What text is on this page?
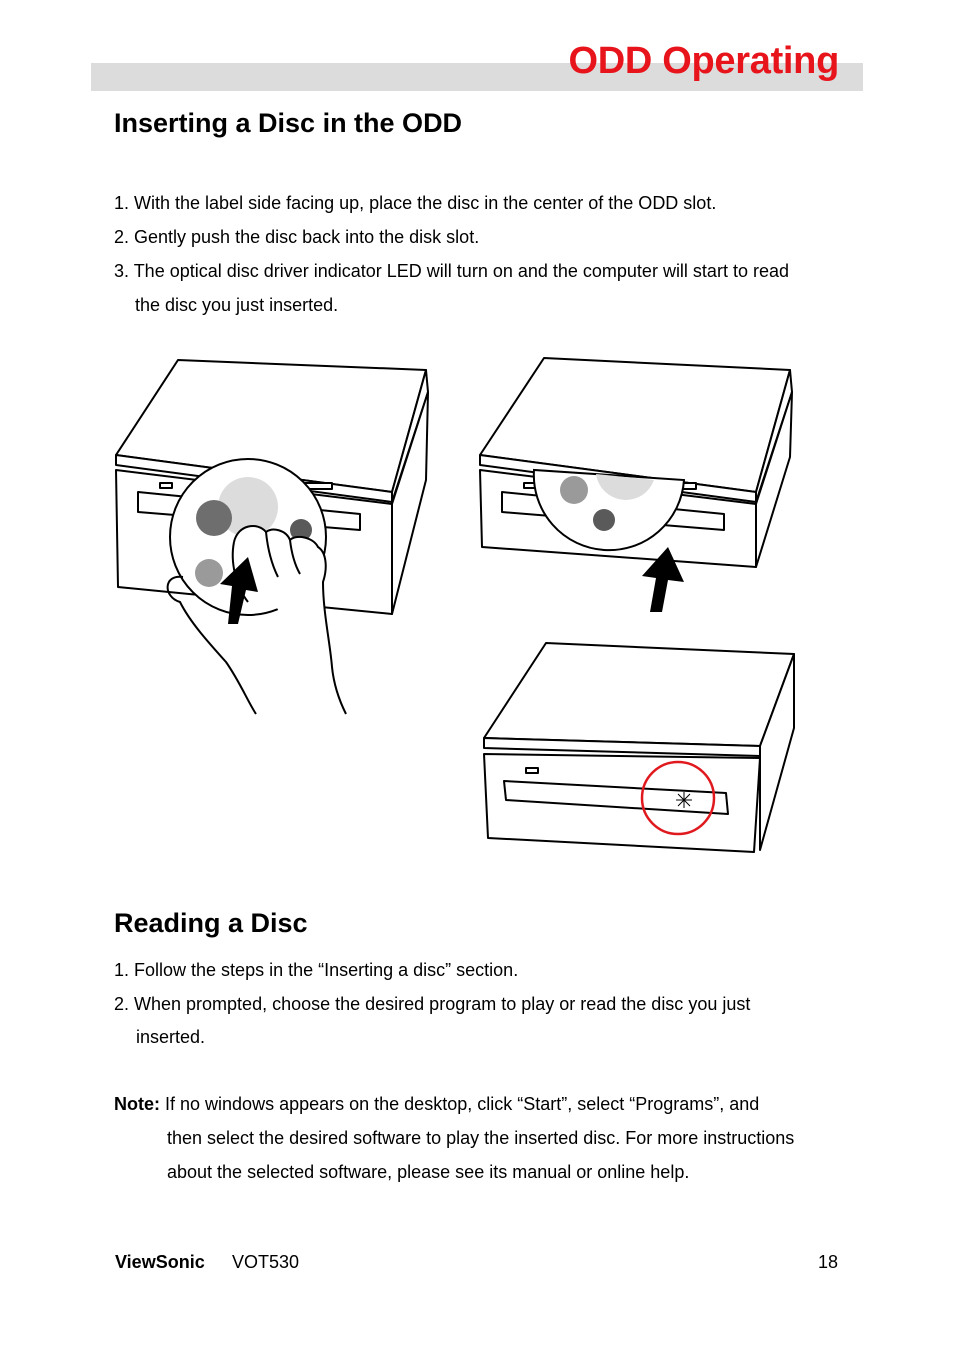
ODD Operating
Inserting a Disc in the ODD
1. With the label side facing up, place the disc in the center of the ODD slot.
2. Gently push the disc back into the disk slot.
3. The optical disc driver indicator LED will turn on and the computer will start to read
the disc you just inserted.
Reading a Disc
1. Follow the steps in the “Inserting a disc” section.
2. When prompted, choose the desired program to play or read the disc you just
inserted.
Note: If no windows appears on the desktop, click “Start”, select “Programs”, and
then select the desired software to play the inserted disc. For more instructions
about the selected software, please see its manual or online help.
ViewSonic VOT530	18
